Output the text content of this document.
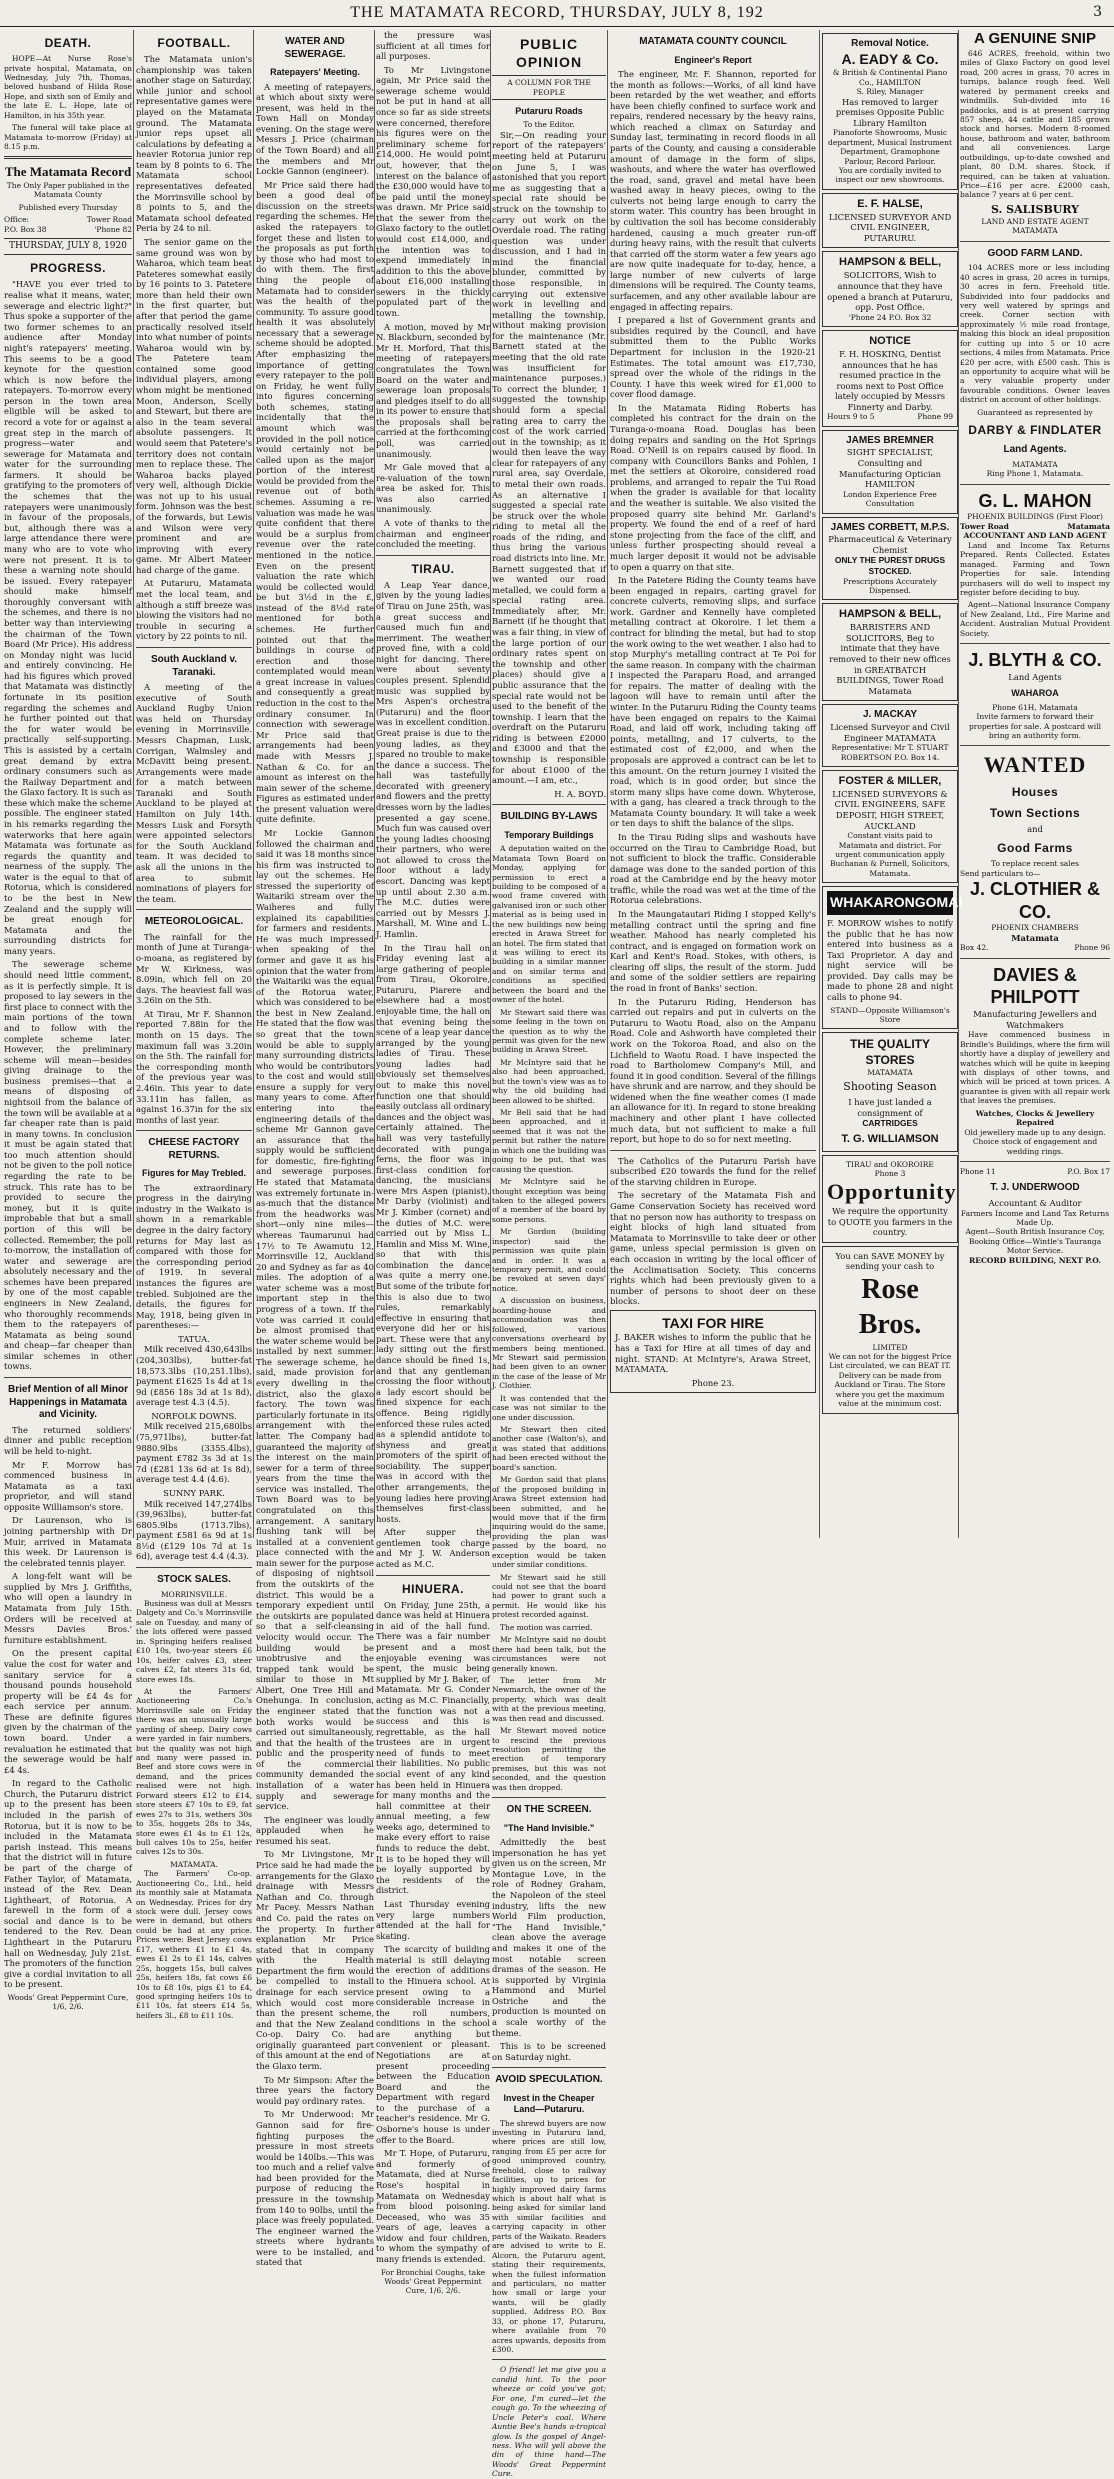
THE MATAMATA RECORD, THURSDAY, JULY 8, 192	3
DEATH.

HOPE—At Nurse Rose's private hospital, Matamata, on Wednesday, July 7th, Thomas, beloved husband of Hilda Rose Hope, and sixth son of Emily and the late E. L. Hope, late of Hamilton, in his 35th year.

The funeral will take place at Matamata to-morrow (Friday) at 8.15 p.m.

The Matamata Record
The Only Paper published in the Matamata County
Published every Thursday
Office:	Tower Road
P.O. Box 38	'Phone 82
THURSDAY, JULY 8, 1920
PROGRESS.

"HAVE you ever tried to realise what it means, water, sewerage and electric light?" Thus spoke a supporter of the two former schemes to an audience after Monday night's ratepayers' meeting. This seems to be a good keynote for the question which is now before the ratepayers. To-morrow every person in the town area eligible will be asked to record a vote for or against a great step in the march of progress—water and sewerage for Matamata and water for the surrounding farmers. It should be gratifying to the promoters of the schemes that the ratepayers were unanimously in favour of the proposals, but, although there was a large attendance there were many who are to vote who were not present. It is to these a warning note should be issued. Every ratepayer should make himself thoroughly conversant with the schemes, and there is no better way than interviewing the chairman of the Town Board (Mr Price). His address on Monday night was lucid and entirely convincing. He had his figures which proved that Matamata was distinctly fortunate in its position regarding the schemes and he further pointed out that the for water would be practically self-supporting. This is assisted by a certain great demand by extra ordinary consumers such as the Railway Department and the Glaxo factory. It is such as these which make the scheme possible. The engineer stated in his remarks regarding the waterworks that here again Matamata was fortunate as regards the quantity and nearness of the supply. The water is the equal to that of Rotorua, which is considered to be the best in New Zealand and the supply will be great enough for Matamata and the surrounding districts for many years.

The sewerage scheme should need little comment, as it is perfectly simple. It is proposed to lay sewers in the first place to connect with the main portions of the town and to follow with the complete scheme later. However, the preliminary scheme will mean—besides giving drainage to the business premises—that a means of disposing of nightsoil from the balance of the town will be available at a far cheaper rate than is paid in many towns. In conclusion it must be again stated that too much attention should not be given to the poll notice regarding the rate to be struck. This rate has to be provided to secure the money, but it is quite improbable that but a small portion of this will be collected. Remember, the poll to-morrow, the installation of water and sewerage are absolutely necessary and the schemes have been prepared by one of the most capable engineers in New Zealand, who thoroughly recommends them to the ratepayers of Matamata as being sound and cheap—far cheaper than similar schemes in other towns.

Brief Mention of all Minor Happenings in Matamata and Vicinity.

The returned soldiers' dinner and public reception will be held to-night.

Mr F. Morrow has commenced business in Matamata as a taxi proprietor, and will stand opposite Williamson's store.

Dr Laurenson, who is joining partnership with Dr Muir, arrived in Matamata this week. Dr Laurenson is the celebrated tennis player.

A long-felt want will be supplied by Mrs J. Griffiths, who will open a laundry in Matamata from July 15th. Orders will be received at Messrs Davies Bros.' furniture establishment.

On the present capital value the cost for water and sanitary service for a thousand pounds household property will be £4 4s for each service per annum. These are definite figures given by the chairman of the town board. Under a revaluation he estimated that the sewerage would be half £4 4s.

In regard to the Catholic Church, the Putaruru district up to the present has been included in the parish of Rotorua, but it is now to be included in the Matamata parish instead. This means that the district will in future be part of the charge of Father Taylor, of Matamata, instead of the Rev. Dean Lightheart, of Rotorua. A farewell in the form of a social and dance is to be tendered to the Rev. Dean Lightheart in the Putaruru hall on Wednesday, July 21st. The promoters of the function give a cordial invitation to all to be present.

Woods' Great Peppermint Cure, 1/6, 2/6.
FOOTBALL.

The Matamata union's championship was taken another stage on Saturday, while junior and school representative games were played on the Matamata ground. The Matamata junior reps upset all calculations by defeating a heavier Rotorua junior rep team by 8 points to 6. The Matamata school representatives defeated the Morrinsville school by 8 points to 5, and the Matamata school defeated Peria by 24 to nil.

The senior game on the same ground was won by Waharoa, which team beat Pateteres somewhat easily by 16 points to 3. Patetere more than held their own in the first quarter, but after that period the game practically resolved itself into what number of points Waharoa would win by. The Patetere team contained some good individual players, among whom might be mentioned Moon, Anderson, Scelly and Stewart, but there are also in the team several absolute passengers. It would seem that Patetere's territory does not contain men to replace these. The Waharoa backs played very well, although Dickie was not up to his usual form. Johnson was the best of the forwards, but Lewis and Wilson were very prominent and are improving with every game. Mr Albert Mateer had charge of the game.

At Putaruru, Matamata met the local team, and although a stiff breeze was blowing the visitors had no trouble in securing a victory by 22 points to nil.

South Auckland v. Taranaki.

A meeting of the executive of South Auckland Rugby Union was held on Thursday evening in Morrinsville. Messrs Chapman, Lusk, Corrigan, Walmsley and McDavitt being present. Arrangements were made for a match between Taranaki and South Auckland to be played at Hamilton on July 14th. Messrs Lusk and Forsyth were appointed selectors for the South Auckland team. It was decided to ask all the unions in the area to submit nominations of players for the team.

METEOROLOGICAL.

The rainfall for the month of June at Turanga-o-moana, as registered by Mr W. Kirkness, was 8.09in, which fell on 20 days. The heaviest fall was 3.26in on the 5th.

At Tirau, Mr F. Shannon reported 7.88in for the month on 15 days. The maximum fall was 3.20in on the 5th. The rainfall for the corresponding month of the previous year was 2.46in. This year to date 33.11in has fallen, as against 16.37in for the six months of last year.

CHEESE FACTORY RETURNS.
Figures for May Trebled.

The extraordinary progress in the dairying industry in the Waikato is shown in a remarkable degree in the dairy factory returns for May last as compared with those for the corresponding period of 1919. In several instances the figures are trebled. Subjoined are the details, the figures for May, 1918, being given in parentheses:—

TATUA.

Milk received 430,643lbs (204,303lbs), butter-fat 18,573.3lbs (10,251.1lbs), payment £1625 1s 4d at 1s 9d (£856 18s 3d at 1s 8d), average test 4.3 (4.5).

NORFOLK DOWNS.

Milk received 215,680lbs (75,971lbs), butter-fat 9880.9lbs (3355.4lbs), payment £782 3s 3d at 1s 7d (£281 13s 6d at 1s 8d), average test 4.4 (4.6).

SUNNY PARK.

Milk received 147,274lbs (39,963lbs), butter-fat 6805.9lbs (1713.7lbs), payment £581 6s 9d at 1s 8½d (£129 10s 7d at 1s 6d), average test 4.4 (4.3).

STOCK SALES.
MORRINSVILLE.

Business was dull at Messrs Dalgety and Co.'s Morrinsville sale on Tuesday, and many of the lots offered were passed in. Springing heifers realised £10 10s, two-year steers £6 10s, heifer calves £3, steer calves £2, fat steers 31s 6d, store ewes 18s.

At the Farmers' Auctioneering Co.'s Morrinsville sale on Friday there was an unusually large yarding of sheep. Dairy cows were yarded in fair numbers, but the quality was not high and many were passed in. Beef and store cows were in demand, and the prices realised were not high. Forward steers £12 to £14, store steers £7 10s to £9, fat ewes 27s to 31s, wethers 30s to 35s, hoggets 28s to 34s, store ewes £1 4s to £1 12s, bull calves 10s to 25s, heifer calves 12s to 30s.

MATAMATA.

The Farmers' Co-op. Auctioneering Co., Ltd., held its monthly sale at Matamata on Wednesday. Prices for dry stock were dull. Jersey cows were in demand, but others could be had at any price. Prices were: Best Jersey cows £17, wethers £1 to £1 4s, ewes £1 2s to £1 14s, calves 25s, hoggets 15s, bull calves 25s, heifers 18s, fat cows £6 10s to £8 10s, pigs £1 to £4, good springing heifers 10s to £11 10s, fat steers £14 5s, heifers 3l., £8 to £11 10s.

WATER AND SEWERAGE.
Ratepayers' Meeting.

A meeting of ratepayers, at which about sixty were present, was held in the Town Hall on Monday evening. On the stage were Messrs J. Price (chairman of the Town Board) and all the members and Mr Lockie Gannon (engineer).

Mr Price said there had been a good deal of discussion on the streets regarding the schemes. He asked the ratepayers to forget these and listen to the proposals as put forth by those who had most to do with them. The first thing the people of Matamata had to consider was the health of the community. To assure good health it was absolutely necessary that a sewerage scheme should be adopted. After emphasizing the importance of getting every ratepayer to the poll on Friday, he went fully into figures concerning both schemes, stating incidentally that the amount which was provided in the poll notice would certainly not be called upon as the major portion of the interest would be provided from the revenue out of both schemes. Assuming a re-valuation was made he was quite confident that there would be a surplus from revenue over the rate mentioned in the notice. Even on the present valuation the rate which would be collected would be but 3½d in the £, instead of the 8½d rate mentioned for both schemes. He further pointed out that the buildings in course of erection and those contemplated would mean a great increase in values and consequently a great reduction in the cost to the ordinary consumer. In connection with sewerage Mr Price said that arrangements had been made with Messrs J. Nathan & Co. for an amount as interest on the main sewer of the scheme. Figures as estimated under the present valuation were quite definite.

Mr Lockie Gannon followed the chairman and said it was 18 months since his firm was instructed to lay out the schemes. He stressed the superiority of Waitariki stream over the Waiheres and fully explained its capabilities for farmers and residents. He was much impressed when speaking of the former and gave it as his opinion that the water from the Waitariki was the equal of the Rotorua water, which was considered to be the best in New Zealand. He stated that the flow was so great that the town would be able to supply many surrounding districts who would be contributors to the cost and would still ensure a supply for very many years to come. After entering into the engineering details of the scheme Mr Gannon gave an assurance that the supply would be sufficient for domestic, fire-fighting and sewerage purposes. He stated that Matamata was extremely fortunate in-as-much that the distance from the headworks was short—only nine miles—whereas Taumarunui had 17½ to Te Awamutu 12, Morrinsville 12, Auckland 20 and Sydney as far as 40 miles. The adoption of a water scheme was a most important step in the progress of a town. If the vote was carried it could be almost promised that the water scheme would be installed by next summer. The sewerage scheme, he said, made provision for every dwelling in the district, also the glaxo factory. The town was particularly fortunate in its arrangement with the latter. The Company had guaranteed the majority of the interest on the main sewer for a term of three years from the time the service was installed. The Town Board was to be congratulated on this arrangement. A sanitary flushing tank will be installed at a convenient place connected with the main sewer for the purpose of disposing of nightsoil from the outskirts of the district. This would be a temporary expedient until the outskirts are populated so that a self-cleansing velocity would occur. The building would be unobtrusive and the trapped tank would be similar to those in Mt Albert, One Tree Hill and Onehunga. In conclusion, the engineer stated that both works would be carried out simultaneously, and that the health of the public and the prosperity of the commercial community demanded the installation of a water supply and sewerage service.

The engineer was loudly applauded when he resumed his seat.

To Mr Livingstone, Mr Price said he had made the arrangements for the Glaxo drainage with Messrs Nathan and Co. through Mr Pacey. Messrs Nathan and Co. paid the rates on the property. In further explanation Mr Price stated that in company with the Health Department the firm would be compelled to install drainage for each service which would cost more than the present scheme, and that the New Zealand Co-op. Dairy Co. had originally guaranteed part of this amount at the end of the Glaxo term.

To Mr Simpson: After the three years the factory would pay ordinary rates.

To Mr Underwood: Mr Gannon said for fire-fighting purposes the pressure in most streets would be 140lbs.—This was too much and a relief valve had been provided for the purpose of reducing the pressure in the township from 140 to 90lbs, until the place was freely populated. The engineer warned the streets where hydrants were to be installed, and stated that

the pressure was sufficient at all times for all purposes.

To Mr Livingstone again, Mr Price said the sewerage scheme would not be put in hand at all once so far as side streets were concerned, therefore his figures were on the preliminary scheme for £14,000. He would point out, however, that the interest on the balance of the £30,000 would have to be paid until the money was drawn. Mr Price said that the sewer from the Glaxo factory to the outlet would cost £14,000, and the intention was to expend immediately in addition to this the above about £16,000 installing sewers in the thickly populated part of the town.

A motion, moved by Mr N. Blackburn, seconded by Mr H. Morford, That this meeting of ratepayers congratulates the Town Board on the water and sewerage loan proposals and pledges itself to do all in its power to ensure that the proposals shall be carried at the forthcoming poll, was carried unanimously.

Mr Gale moved that a re-valuation of the town area be asked for. This was also carried unanimously.

A vote of thanks to the chairman and engineer concluded the meeting.

TIRAU.

A Leap Year dance, given by the young ladies of Tirau on June 25th, was a great success and caused much fun and merriment. The weather proved fine, with a cold night for dancing. There were about seventy couples present. Splendid music was supplied by Mrs Aspen's orchestra (Putaruru) and the floor was in excellent condition. Great praise is due to the young ladies, as they spared no trouble to make the dance a success. The hall was tastefully decorated with greenery and flowers and the pretty dresses worn by the ladies presented a gay scene. Much fun was caused over the young ladies choosing their partners, who were not allowed to cross the floor without a lady escort. Dancing was kept up until about 2.30 a.m. The M.C. duties were carried out by Messrs J. Marshall, M. Wine and L. J. Hamlin.

In the Tirau hall on Friday evening last a large gathering of people from Tirau, Okoroire, Putaruru, Piarere and elsewhere had a most enjoyable time, the hall on that evening being the scene of a leap year dance arranged by the young ladies of Tirau. These young ladies had obviously set themselves out to make this novel function one that should easily outclass all ordinary dances and the object was certainly attained. The hall was very tastefully decorated with punga ferns, the floor was in first-class condition for dancing, the musicians were Mrs Aspen (pianist), Mr Darby (violinist) and Mr J. Kimber (cornet) and the duties of M.C. were carried out by Miss L. Hamlin and Miss M. Wine, so that with this combination the dance was quite a merry one. But some of the tribute for this is also due to two rules, remarkably effective in ensuring that everyone did her or his part. These were that any lady sitting out the first dance should be fined 1s, and that any gentleman crossing the floor without a lady escort should be fined sixpence for each offence. Being rigidly enforced these rules acted as a splendid antidote to shyness and great promoters of the spirit of sociability. The supper was in accord with the other arrangements, the young ladies here proving themselves first-class hosts.

After supper the gentlemen took charge and Mr J. W. Anderson acted as M.C.

HINUERA.

On Friday, June 25th, a dance was held at Hinuera in aid of the hall fund. There was a fair number present and a most enjoyable evening was spent, the music being supplied by Mr J. Baker, of Matamata. Mr G. Conder acting as M.C. Financially, the function was not a success and this is regrettable, as the hall trustees are in urgent need of funds to meet their liabilities. No public social event of any kind has been held in Hinuera for many months and the hall committee at their annual meeting, a few weeks ago, determined to make every effort to raise funds to reduce the debt. It is to be hoped they will be loyally supported by the residents of the district.

Last Thursday evening very large numbers attended at the hall for skating.

The scarcity of building material is still delaying the erection of additions to the Hinuera school. At present owing to a considerable increase in the roll numbers, conditions in the school are anything but convenient or pleasant. Negotiations are at present proceeding between the Education Board and the Department with regard to the purchase of a teacher's residence. Mr G. Osborne's house is under offer to the Board.

Mr T. Hope, of Putaruru, and formerly of Matamata, died at Nurse Rose's hospital in Matamata on Wednesday from blood poisoning. Deceased, who was 35 years of age, leaves a widow and four children, to whom the sympathy of many friends is extended.

For Bronchial Coughs, take Woods' Great Peppermint Cure, 1/6, 2/6.
PUBLIC OPINION
A COLUMN FOR THE PEOPLE
Putaruru Roads
To the Editor.

Sir,—On reading your report of the ratepayers' meeting held at Putaruru on June 5, I was astonished that you report me as suggesting that a special rate should be struck on the township to carry out work on the Overdale road. The rating question was under discussion, and I had in mind the financial blunder, committed by those responsible, in carrying out extensive work in levelling and metalling the township, without making provision for the maintenance (Mr. Barnett stated at the meeting that the old rate was insufficient for maintenance purposes.) To correct the blunder, I suggested the township should form a special rating area to carry the cost of the work carried out in the township; as it would then leave the way clear for ratepayers of any rural area, say Overdale, to metal their own roads. As an alternative I suggested a special rate be struck over the whole riding to metal all the roads of the riding, and thus bring the various road districts into line. Mr. Barnett suggested that if we wanted our road metalled, we could form a special rating area. Immediately after, Mr. Barnett (if he thought that was a fair thing, in view of the large portion of our ordinary rates spent on the township and other places) should give a public assurance that the special rate would not be used to the benefit of the township. I learn that the overdraft on the Putaruru riding is between £2000 and £3000 and that the township is responsible for about £1000 of the amount.—I am, etc.,

H. A. BOYD.
BUILDING BY-LAWS
Temporary Buildings

A deputation waited on the Matamata Town Board on Monday, applying for permission to erect a building to be composed of a wood frame covered with galvanised iron or such other material as is being used in the new buildings now being erected in Arawa Street for an hotel. The firm stated that it was willing to erect its building in a similar manner and on similar terms and conditions as specified between the board and the owner of the hotel.

Mr Stewart said there was some feeling in the town on the question as to why the permit was given for the new building in Arawa Street.

Mr McIntyre said that he also had been approached, but the town's view was as to why the old building had been allowed to be shifted.

Mr Bell said that he had been approached, and it seemed that it was not the permit but rather the nature in which one the building was going to be put, that was causing the question.

Mr McIntyre said he thought exception was being taken to the alleged powers of a member of the board by some persons.

Mr Gordon (building inspector) said the permission was quite plain and in order. It was a temporary permit, and could be revoked at seven days' notice.

A discussion on business, boarding-house and accommodation was then followed, various conversations overheard by members being mentioned. Mr Stewart said permission had been given to an owner in the case of the lease of Mr J. Clothier.

It was contended that the case was not similar to the one under discussion.

Mr Stewart then cited another case (Walton's), and it was stated that additions had been erected without the board's sanction.

Mr Gordon said that plans of the proposed building in Arawa Street extension had been submitted, and he would move that if the firm inquiring would do the same, providing the plan was passed by the board, no exception would be taken under similar conditions.

Mr Stewart said he still could not see that the board had power to grant such a permit. He would like his protest recorded against.

The motion was carried.

Mr McIntyre said no doubt there had been talk, but the circumstances were not generally known.

The letter from Mr Newmarch, the owner of the property, which was dealt with at the previous meeting, was then read and discussed.

Mr Stewart moved notice to rescind the previous resolution permitting the erection of temporary premises, but this was not seconded, and the question was then dropped.

ON THE SCREEN.
"The Hand Invisible."

Admittedly the best impersonation he has yet given us on the screen, Mr Montague Love, in the role of Rodney Graham, the Napoleon of the steel industry, lifts the new World Film production, "The Hand Invisible," clean above the average and makes it one of the most notable screen dramas of the season. He is supported by Virginia Hammond and Muriel Ostriche and the production is mounted on a scale worthy of the theme.

This is to be screened on Saturday night.

AVOID SPECULATION.
Invest in the Cheaper Land—Putaruru.

The shrewd buyers are now investing in Putaruru land, where prices are still low, ranging from £5 per acre for good unimproved country, freehold, close to railway facilities, up to prices for highly improved dairy farms which is about half what is being asked for similar land with similar facilities and carrying capacity in other parts of the Waikato. Readers are advised to write to E. Alcorn, the Putaruru agent, stating their requirements, when the fullest information and particulars, no matter how small or large your wants, will be gladly supplied. Address P.O. Box 33, or phone 17, Putaruru, where available from 70 acres upwards, deposits from £300.

O friend! let me give you a candid hint. To the poor wheeze or cold you've got; For one, I'm cured—let the cough go. To the wheezing of Uncle Peter's coal. Where Auntie Bee's hands a-tropical glow. Is the gospel of Angel-ness. Who will yell above the din of thine hand—The Woods' Great Peppermint Cure.

MATAMATA COUNTY COUNCIL
Engineer's Report

The engineer, Mr. F. Shannon, reported for the month as follows:—Works, of all kind have been retarded by the wet weather, and efforts have been chiefly confined to surface work and repairs, rendered necessary by the heavy rains, which reached a climax on Saturday and Sunday last, terminating in record floods in all parts of the County, and causing a considerable amount of damage in the form of slips, washouts, and where the water has overflowed the road, sand, gravel and metal have been washed away in heavy pieces, owing to the culverts not being large enough to carry the storm water. This country has been brought in by cultivation the soil has become considerably hardened, causing a much greater run-off during heavy rains, with the result that culverts that carried off the storm water a few years ago are now quite inadequate for to-day, hence, a large number of new culverts of large dimensions will be required. The County teams, surfacemen, and any other available labour are engaged in affecting repairs.

I prepared a list of Government grants and subsidies required by the Council, and have submitted them to the Public Works Department for inclusion in the 1920-21 Estimates. The total amount was £17,730, spread over the whole of the ridings in the County. I have this week wired for £1,000 to cover flood damage.

In the Matamata Riding Roberts has completed his contract for the drain on the Turanga-o-moana Road. Douglas has been doing repairs and sanding on the Hot Springs Road. O'Neill is on repairs caused by flood. In company with Councillors Banks and Pohlen, I met the settlers at Okoroire, considered road problems, and arranged to repair the Tui Road when the grader is available for that locality and the weather is suitable. We also visited the proposed quarry site behind Mr. Garland's property. We found the end of a reef of hard stone projecting from the face of the cliff, and unless further prospecting should reveal a much larger deposit it would not be advisable to open a quarry on that site.

In the Patetere Riding the County teams have been engaged in repairs, carting gravel for concrete culverts, removing slips, and surface work. Gardner and Kennelly have completed metalling contract at Okoroire. I let them a contract for blinding the metal, but had to stop the work owing to the wet weather. I also had to stop Murphy's metalling contract at Te Poi for the same reason. In company with the chairman I inspected the Paraparu Road, and arranged for repairs. The matter of dealing with the lagoon will have to remain until after the winter. In the Putaruru Riding the County teams have been engaged on repairs to the Kaimai Road, and laid off work, including taking off points, metalling, and 17 culverts, to the estimated cost of £2,000, and when the proposals are approved a contract can be let to this amount. On the return journey I visited the road, which is in good order, but since the storm many slips have come down. Whyterose, with a gang, has cleared a track through to the Matamata County boundary. It will take a week or ten days to shift the balance of the slips.

In the Tirau Riding slips and washouts have occurred on the Tirau to Cambridge Road, but not sufficient to block the traffic. Considerable damage was done to the sanded portion of this road at the Cambridge end by the heavy motor traffic, while the road was wet at the time of the Rotorua celebrations.

In the Maungatautari Riding I stopped Kelly's metalling contract until the spring and fine weather. Mahood has nearly completed his contract, and is engaged on formation work on Karl and Kent's Road. Stokes, with others, is clearing off slips, the result of the storm. Judd and some of the soldier settlers are repairing the road in front of Banks' section.

In the Putaruru Riding, Henderson has carried out repairs and put in culverts on the Putaruru to Waotu Road, also on the Ampanu Road. Cole and Ashworth have completed their work on the Tokoroa Road, and also on the Lichfield to Waotu Road. I have inspected the road to Bartholomew Company's Mill, and found it in good condition. Several of the fillings have shrunk and are narrow, and they should be widened when the fine weather comes (I made an allowance for it). In regard to stone breaking machinery and other plant I have collected much data, but not sufficient to make a full report, but hope to do so for next meeting.

The Catholics of the Putaruru Parish have subscribed £20 towards the fund for the relief of the starving children in Europe.

The secretary of the Matamata Fish and Game Conservation Society has received word that no person now has authority to trespass on eight blocks of high land situated from Matamata to Morrinsville to take deer or other game, unless special permission is given on each occasion in writing by the local officer of the Acclimatisation Society. This concerns rights which had been previously given to a number of persons to shoot deer on these blocks.

TAXI FOR HIRE

J. BAKER wishes to inform the public that he has a Taxi for Hire at all times of day and night. STAND: At McIntyre's, Arawa Street, MATAMATA.

Phone 23.
Removal Notice.
A. EADY & Co.
& British & Continental Piano Co., HAMILTON
S. Riley, Manager
Has removed to larger premises Opposite Public Library Hamilton
Pianoforte Showrooms, Music department, Musical Instrument Department, Gramophone Parlour, Record Parlour.
You are cordially invited to inspect our new showrooms.
E. F. HALSE,
LICENSED SURVEYOR AND CIVIL ENGINEER, PUTARURU.
HAMPSON & BELL,
SOLICITORS, Wish to announce that they have opened a branch at Putaruru, opp. Post Office.
'Phone 24 P.O. Box 32
NOTICE
F. H. HOSKING, Dentist announces that he has resumed practice in the rooms next to Post Office lately occupied by Messrs Finnerty and Darby.
Hours 9 to 5	Phone 99
JAMES BREMNER
SIGHT SPECIALIST, Consulting and Manufacturing Optician HAMILTON
London Experience Free Consultation
JAMES CORBETT, M.P.S.
Pharmaceutical & Veterinary Chemist
ONLY THE PUREST DRUGS STOCKED.
Prescriptions Accurately Dispensed.
HAMPSON & BELL,
BARRISTERS AND SOLICITORS, Beg to intimate that they have removed to their new offices in GREATBATCH BUILDINGS, Tower Road Matamata
J. MACKAY
Licensed Surveyor and Civil Engineer MATAMATA
Representative: Mr T. STUART ROBERTSON P.O. Box 14.
FOSTER & MILLER,
LICENSED SURVEYORS & CIVIL ENGINEERS, SAFE DEPOSIT, HIGH STREET, AUCKLAND
Constant visits paid to Matamata and district. For urgent communication apply Buchanan & Purnell, Solicitors, Matamata.
WHAKARONGOMAI

F. MORROW wishes to notify the public that he has now entered into business as a Taxi Proprietor. A day and night service will be provided. Day calls may be made to phone 28 and night calls to phone 94.

STAND—Opposite Williamson's Store
THE QUALITY STORES
MATAMATA
Shooting Season
I have just landed a consignment of
CARTRIDGES
T. G. WILLIAMSON
TIRAU and OKOROIRE
Phone 3
Opportunity
We require the opportunity to QUOTE you farmers in the country.
You can SAVE MONEY by sending your cash to
Rose Bros.
LIMITED
We can not for the biggest Price List circulated, we can BEAT IT. Delivery can be made from Auckland or Tirau. The Store where you get the maximum value at the minimum cost.
A GENUINE SNIP

646 ACRES, freehold, within two miles of Glaxo Factory on good level road, 200 acres in grass, 70 acres in turnips, balance rough feed. Well watered by permanent creeks and windmills. Sub-divided into 16 paddocks, and is at present carrying 857 sheep, 44 cattle and 185 grown stock and horses. Modern 8-roomed house, bathroom and water, bathroom and all conveniences. Large outbuildings, up-to-date cowshed and plant, 80 D.M. shares. Stock, if required, can be taken at valuation. Price—£16 per acre. £2000 cash, balance 7 years at 6 per cent.

S. SALISBURY
LAND AND ESTATE AGENT MATAMATA
GOOD FARM LAND.

104 ACRES more or less including 40 acres in grass, 20 acres in turnips, 30 acres in fern. Freehold title. Subdivided into four paddocks and very well watered by springs and creek. Corner section with approximately ½ mile road frontage, making this block an ideal proposition for cutting up into 5 or 10 acre sections, 4 miles from Matamata. Price £20 per acre, with £500 cash. This is an opportunity to acquire what will be a very valuable property under favourable conditions. Owner leaves district on account of other holdings.

Guaranteed as represented by
DARBY & FINDLATER
Land Agents.
MATAMATA
Ring Phone 1, Matamata.
G. L. MAHON
PHOENIX BUILDINGS (First Floor)
Tower Road	Matamata
ACCOUNTANT AND LAND AGENT

Land and Income Tax Returns Prepared. Rents Collected. Estates managed. Farming and Town Properties for sale. Intending purchasers will do well to inspect my register before deciding to buy.

Agent—National Insurance Company of New Zealand, Ltd., Fire Marine and Accident. Australian Mutual Provident Society.

J. BLYTH & CO.
Land Agents
WAHAROA
Phone 61H, Matamata
Invite farmers to forward their properties for sale. A postcard will bring an authority form.
WANTED
Houses
Town Sections
and
Good Farms
To replace recent sales
Send particulars to—
J. CLOTHIER & CO.
PHOENIX CHAMBERS
Matamata
Box 42.	Phone 96
DAVIES & PHILPOTT
Manufacturing Jewellers and Watchmakers

Have commenced business in Brindle's Buildings, where the firm will shortly have a display of jewellery and watches which will be quite in keeping with displays of other towns, and which will be priced at town prices. A guarantee is given with all repair work that leaves the premises.

Watches, Clocks & Jewellery Repaired
Old jewellery made up to any design.
Choice stock of engagement and wedding rings.
Phone 11	P.O. Box 17
T. J. UNDERWOOD
Accountant & Auditor
Farmers Income and Land Tax Returns Made Up.
Agent—South British Insurance Coy, Booking Office—Wintle's Tauranga Motor Service.
RECORD BUILDING, NEXT P.O.
